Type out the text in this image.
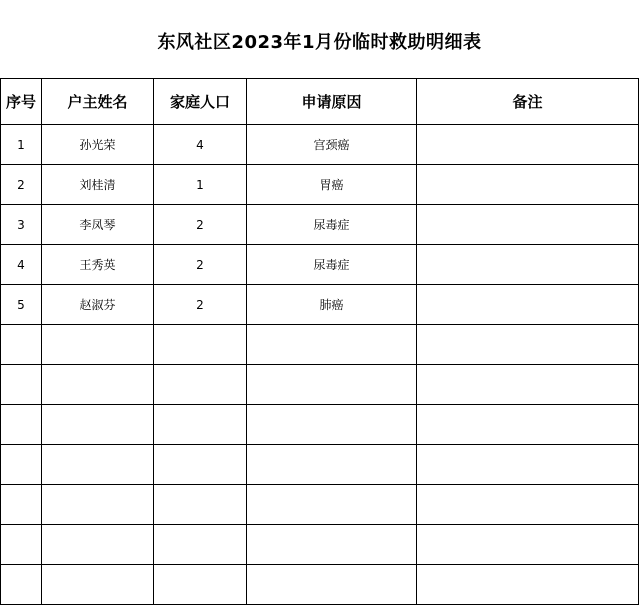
东风社区2023年1月份临时救助明细表
序号	户主姓名	家庭人口	申请原因	备注
1	孙光荣	4	宫颈癌	
2	刘桂清	1	胃癌	
3	李凤琴	2	尿毒症	
4	王秀英	2	尿毒症	
5	赵淑芬	2	肺癌	
